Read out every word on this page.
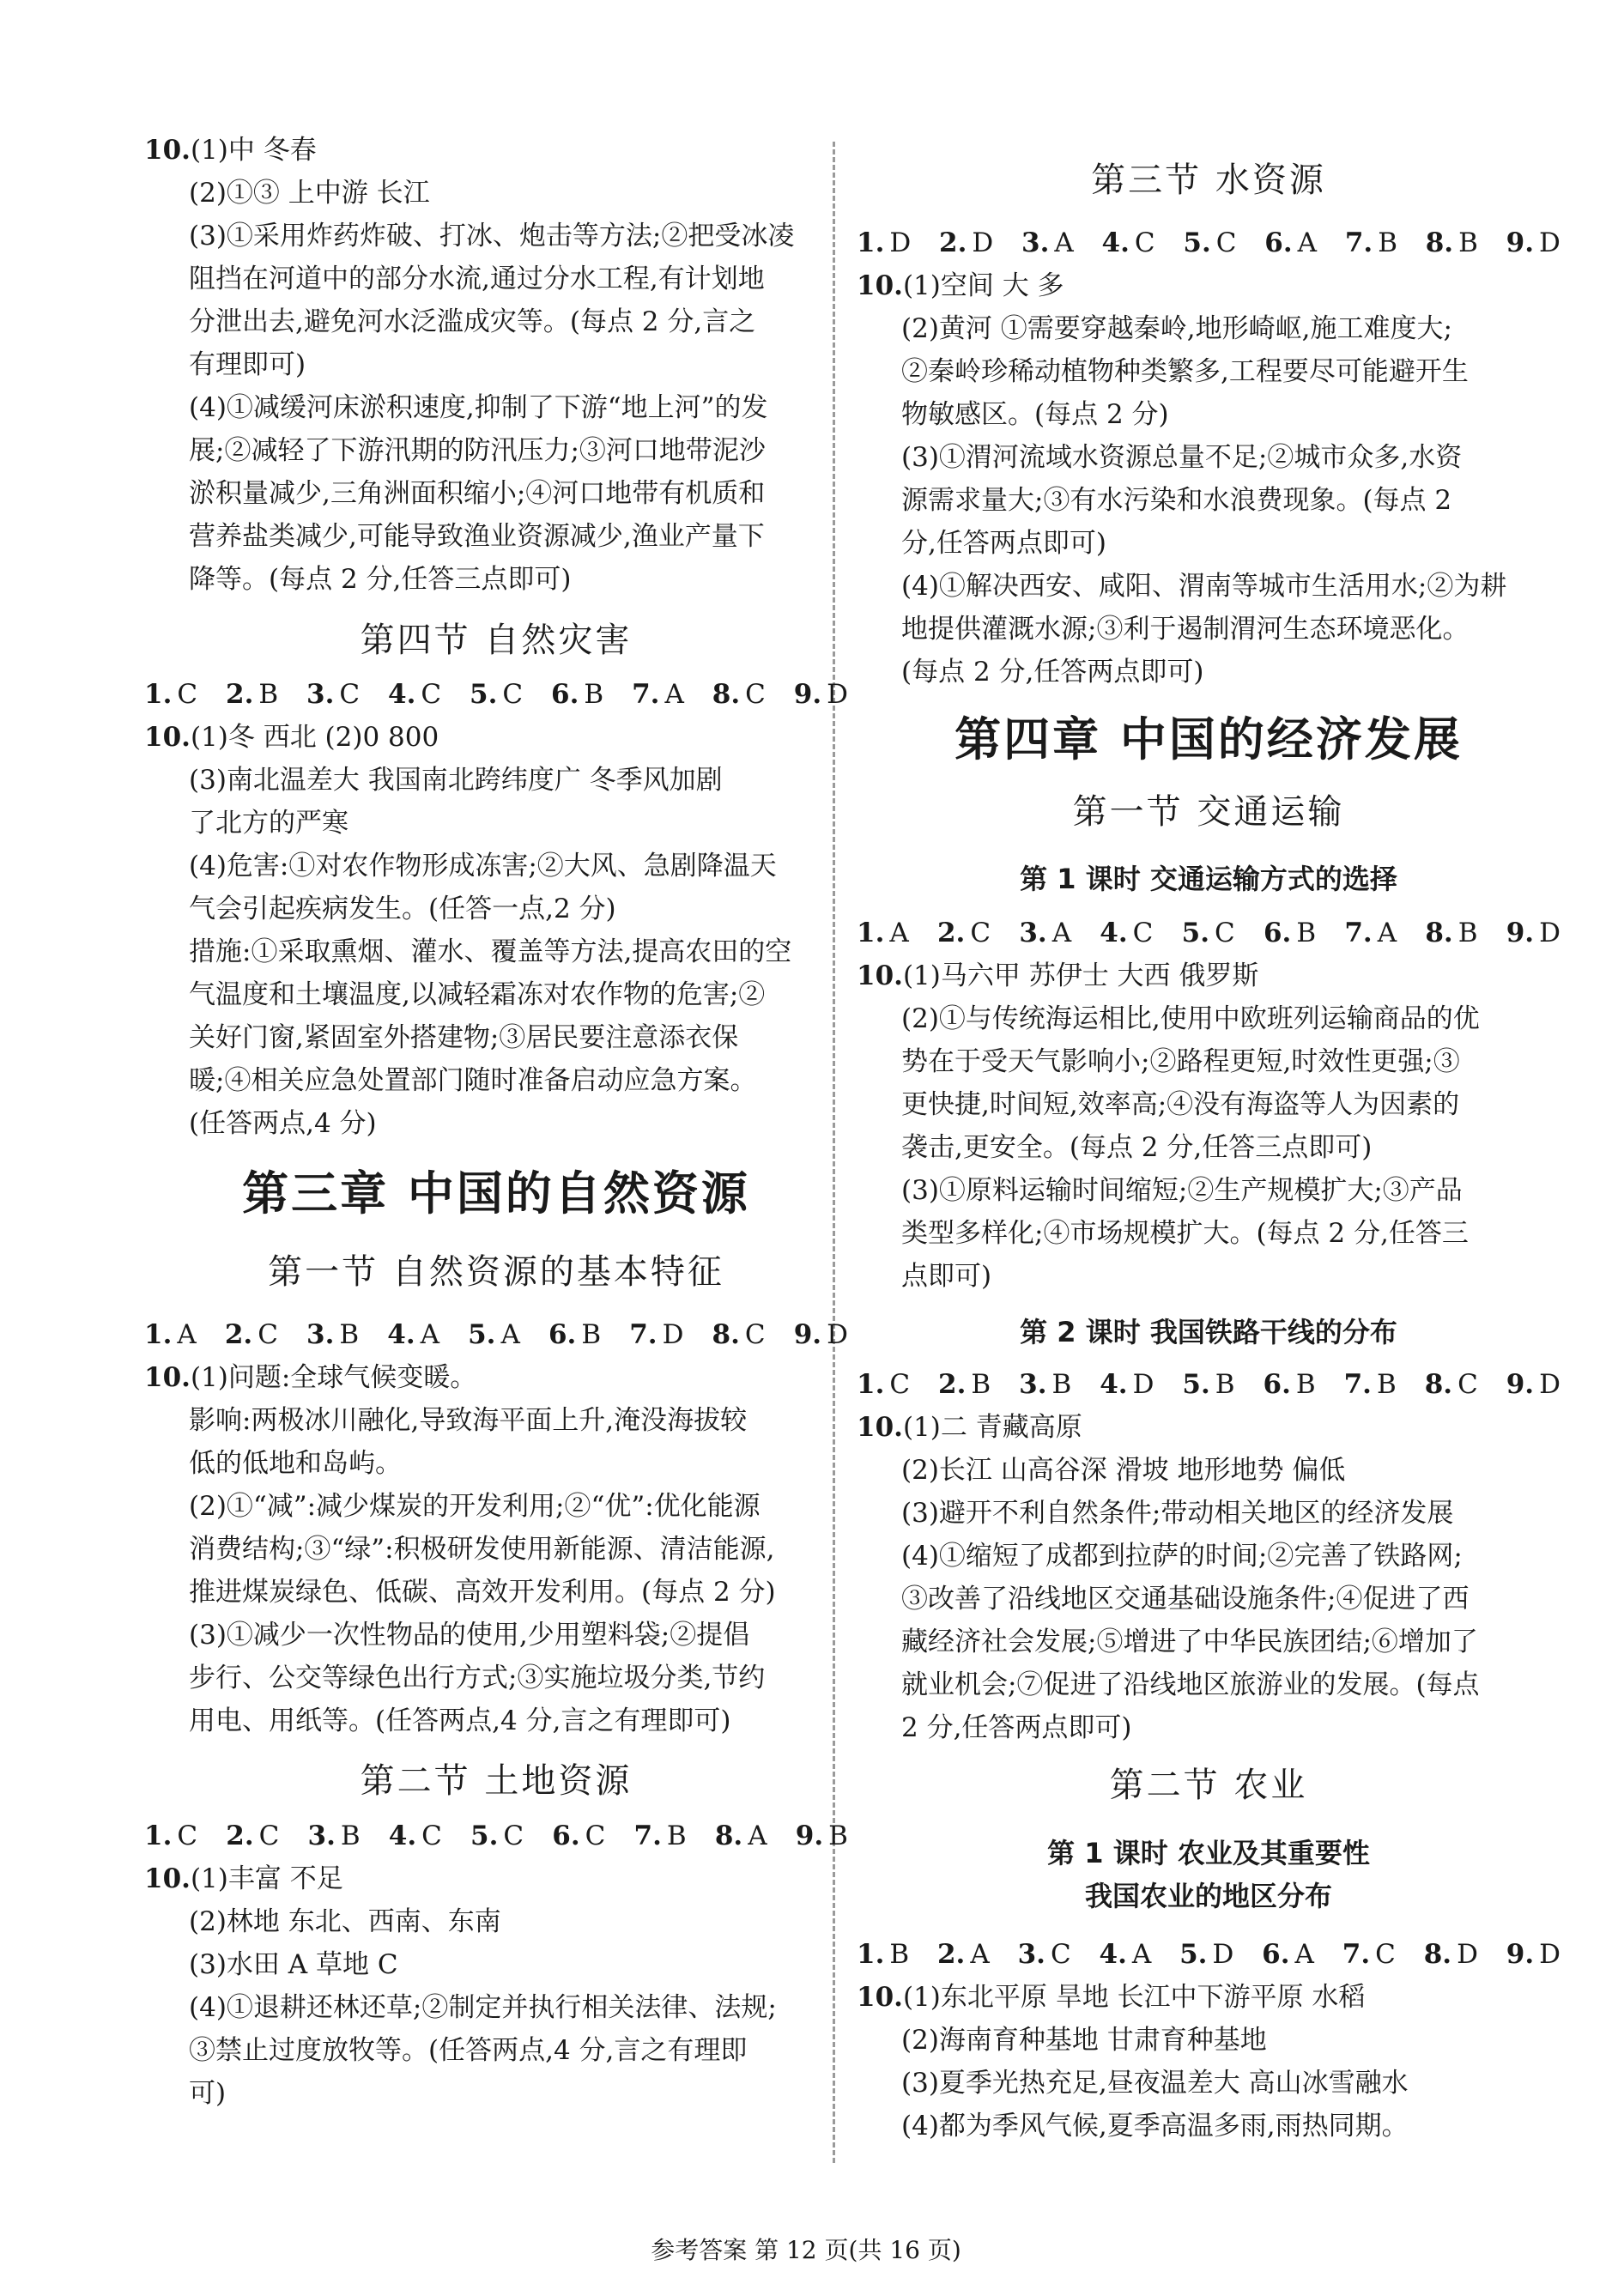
10.(1)中 冬春
(2)①③ 上中游 长江
(3)①采用炸药炸破、打冰、炮击等方法;②把受冰凌
阻挡在河道中的部分水流,通过分水工程,有计划地
分泄出去,避免河水泛滥成灾等。(每点 2 分,言之
有理即可)
(4)①减缓河床淤积速度,抑制了下游“地上河”的发
展;②减轻了下游汛期的防汛压力;③河口地带泥沙
淤积量减少,三角洲面积缩小;④河口地带有机质和
营养盐类减少,可能导致渔业资源减少,渔业产量下
降等。(每点 2 分,任答三点即可)
第四节 自然灾害
1. C 2. B 3. C 4. C 5. C 6. B 7. A 8. C 9. D
10.(1)冬 西北 (2)0 800
(3)南北温差大 我国南北跨纬度广 冬季风加剧
了北方的严寒
(4)危害:①对农作物形成冻害;②大风、急剧降温天
气会引起疾病发生。(任答一点,2 分)
措施:①采取熏烟、灌水、覆盖等方法,提高农田的空
气温度和土壤温度,以减轻霜冻对农作物的危害;②
关好门窗,紧固室外搭建物;③居民要注意添衣保
暖;④相关应急处置部门随时准备启动应急方案。
(任答两点,4 分)
第三章 中国的自然资源
第一节 自然资源的基本特征
1. A 2. C 3. B 4. A 5. A 6. B 7. D 8. C 9. D
10.(1)问题:全球气候变暖。
影响:两极冰川融化,导致海平面上升,淹没海拔较
低的低地和岛屿。
(2)①“减”:减少煤炭的开发利用;②“优”:优化能源
消费结构;③“绿”:积极研发使用新能源、清洁能源,
推进煤炭绿色、低碳、高效开发利用。(每点 2 分)
(3)①减少一次性物品的使用,少用塑料袋;②提倡
步行、公交等绿色出行方式;③实施垃圾分类,节约
用电、用纸等。(任答两点,4 分,言之有理即可)
第二节 土地资源
1. C 2. C 3. B 4. C 5. C 6. C 7. B 8. A 9. B
10.(1)丰富 不足
(2)林地 东北、西南、东南
(3)水田 A 草地 C
(4)①退耕还林还草;②制定并执行相关法律、法规;
③禁止过度放牧等。(任答两点,4 分,言之有理即
可)
第三节 水资源
1. D 2. D 3. A 4. C 5. C 6. A 7. B 8. B 9. D
10.(1)空间 大 多
(2)黄河 ①需要穿越秦岭,地形崎岖,施工难度大;
②秦岭珍稀动植物种类繁多,工程要尽可能避开生
物敏感区。(每点 2 分)
(3)①渭河流域水资源总量不足;②城市众多,水资
源需求量大;③有水污染和水浪费现象。(每点 2
分,任答两点即可)
(4)①解决西安、咸阳、渭南等城市生活用水;②为耕
地提供灌溉水源;③利于遏制渭河生态环境恶化。
(每点 2 分,任答两点即可)
第四章 中国的经济发展
第一节 交通运输
第 1 课时 交通运输方式的选择
1. A 2. C 3. A 4. C 5. C 6. B 7. A 8. B 9. D
10.(1)马六甲 苏伊士 大西 俄罗斯
(2)①与传统海运相比,使用中欧班列运输商品的优
势在于受天气影响小;②路程更短,时效性更强;③
更快捷,时间短,效率高;④没有海盗等人为因素的
袭击,更安全。(每点 2 分,任答三点即可)
(3)①原料运输时间缩短;②生产规模扩大;③产品
类型多样化;④市场规模扩大。(每点 2 分,任答三
点即可)
第 2 课时 我国铁路干线的分布
1. C 2. B 3. B 4. D 5. B 6. B 7. B 8. C 9. D
10.(1)二 青藏高原
(2)长江 山高谷深 滑坡 地形地势 偏低
(3)避开不利自然条件;带动相关地区的经济发展
(4)①缩短了成都到拉萨的时间;②完善了铁路网;
③改善了沿线地区交通基础设施条件;④促进了西
藏经济社会发展;⑤增进了中华民族团结;⑥增加了
就业机会;⑦促进了沿线地区旅游业的发展。(每点
2 分,任答两点即可)
第二节 农业
第 1 课时 农业及其重要性
我国农业的地区分布
1. B 2. A 3. C 4. A 5. D 6. A 7. C 8. D 9. D
10.(1)东北平原 旱地 长江中下游平原 水稻
(2)海南育种基地 甘肃育种基地
(3)夏季光热充足,昼夜温差大 高山冰雪融水
(4)都为季风气候,夏季高温多雨,雨热同期。
参考答案 第 12 页(共 16 页)
